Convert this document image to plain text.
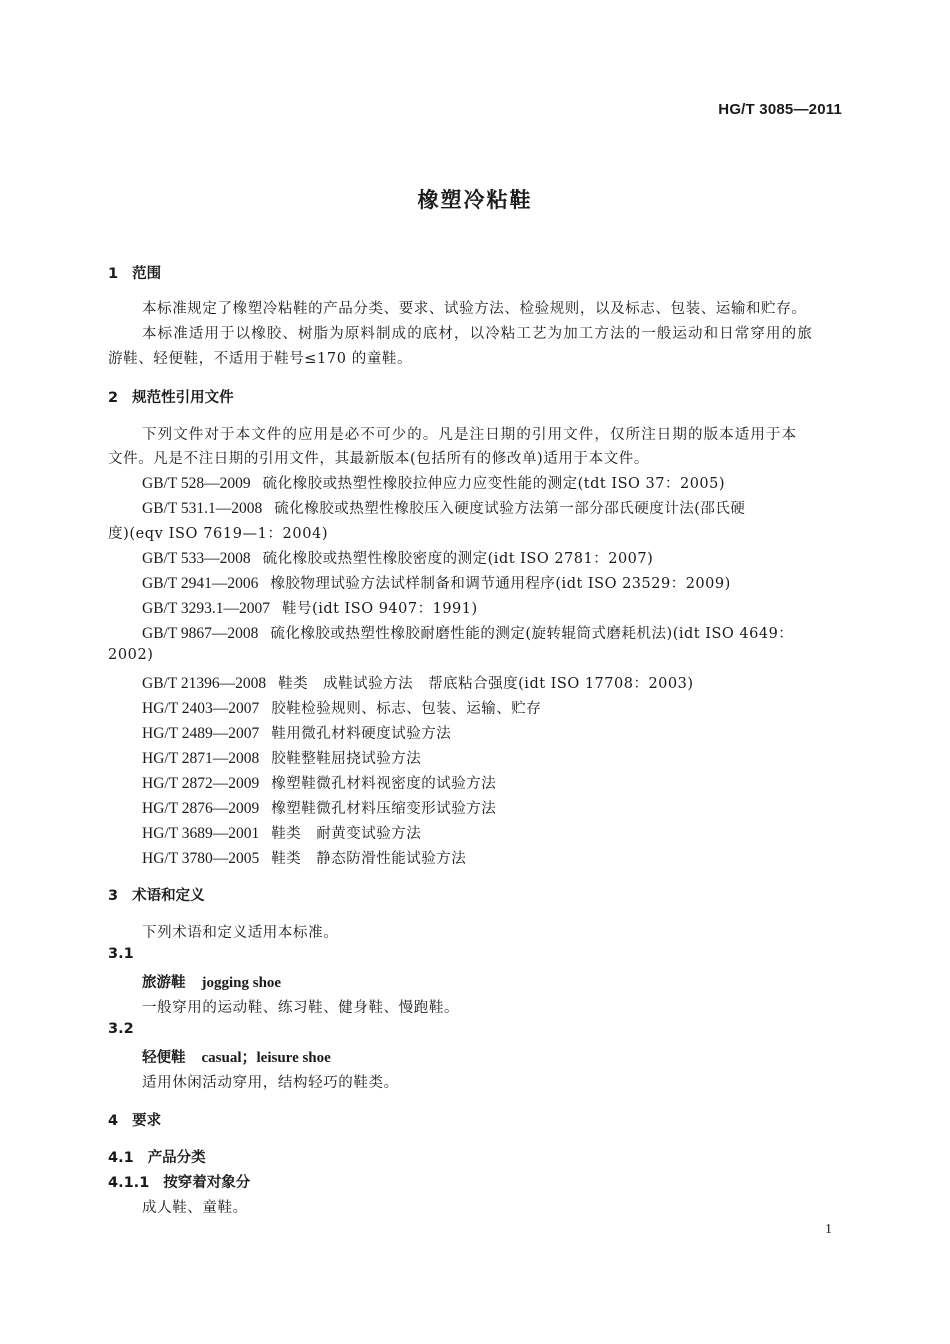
HG/T 3085—2011
橡塑冷粘鞋
1 范围
本标准规定了橡塑冷粘鞋的产品分类、要求、试验方法、检验规则，以及标志、包装、运输和贮存。
本标准适用于以橡胶、树脂为原料制成的底材，以冷粘工艺为加工方法的一般运动和日常穿用的旅
游鞋、轻便鞋，不适用于鞋号≤170 的童鞋。
2 规范性引用文件
下列文件对于本文件的应用是必不可少的。凡是注日期的引用文件，仅所注日期的版本适用于本
文件。凡是不注日期的引用文件，其最新版本(包括所有的修改单)适用于本文件。
GB/T 528—2009 硫化橡胶或热塑性橡胶拉伸应力应变性能的测定(tdt ISO 37：2005)
GB/T 531.1—2008 硫化橡胶或热塑性橡胶压入硬度试验方法第一部分邵氏硬度计法(邵氏硬
度)(eqv ISO 7619—1：2004)
GB/T 533—2008 硫化橡胶或热塑性橡胶密度的测定(idt ISO 2781：2007)
GB/T 2941—2006 橡胶物理试验方法试样制备和调节通用程序(idt ISO 23529：2009)
GB/T 3293.1—2007 鞋号(idt ISO 9407：1991)
GB/T 9867—2008 硫化橡胶或热塑性橡胶耐磨性能的测定(旋转辊筒式磨耗机法)(idt ISO 4649：
2002)
GB/T 21396—2008 鞋类　成鞋试验方法　帮底粘合强度(idt ISO 17708：2003)
HG/T 2403—2007 胶鞋检验规则、标志、包装、运输、贮存
HG/T 2489—2007 鞋用微孔材料硬度试验方法
HG/T 2871—2008 胶鞋整鞋屈挠试验方法
HG/T 2872—2009 橡塑鞋微孔材料视密度的试验方法
HG/T 2876—2009 橡塑鞋微孔材料压缩变形试验方法
HG/T 3689—2001 鞋类　耐黄变试验方法
HG/T 3780—2005 鞋类　静态防滑性能试验方法
3 术语和定义
下列术语和定义适用本标准。
3.1
旅游鞋 jogging shoe
一般穿用的运动鞋、练习鞋、健身鞋、慢跑鞋。
3.2
轻便鞋 casual；leisure shoe
适用休闲活动穿用，结构轻巧的鞋类。
4 要求
4.1 产品分类
4.1.1 按穿着对象分
成人鞋、童鞋。
1
